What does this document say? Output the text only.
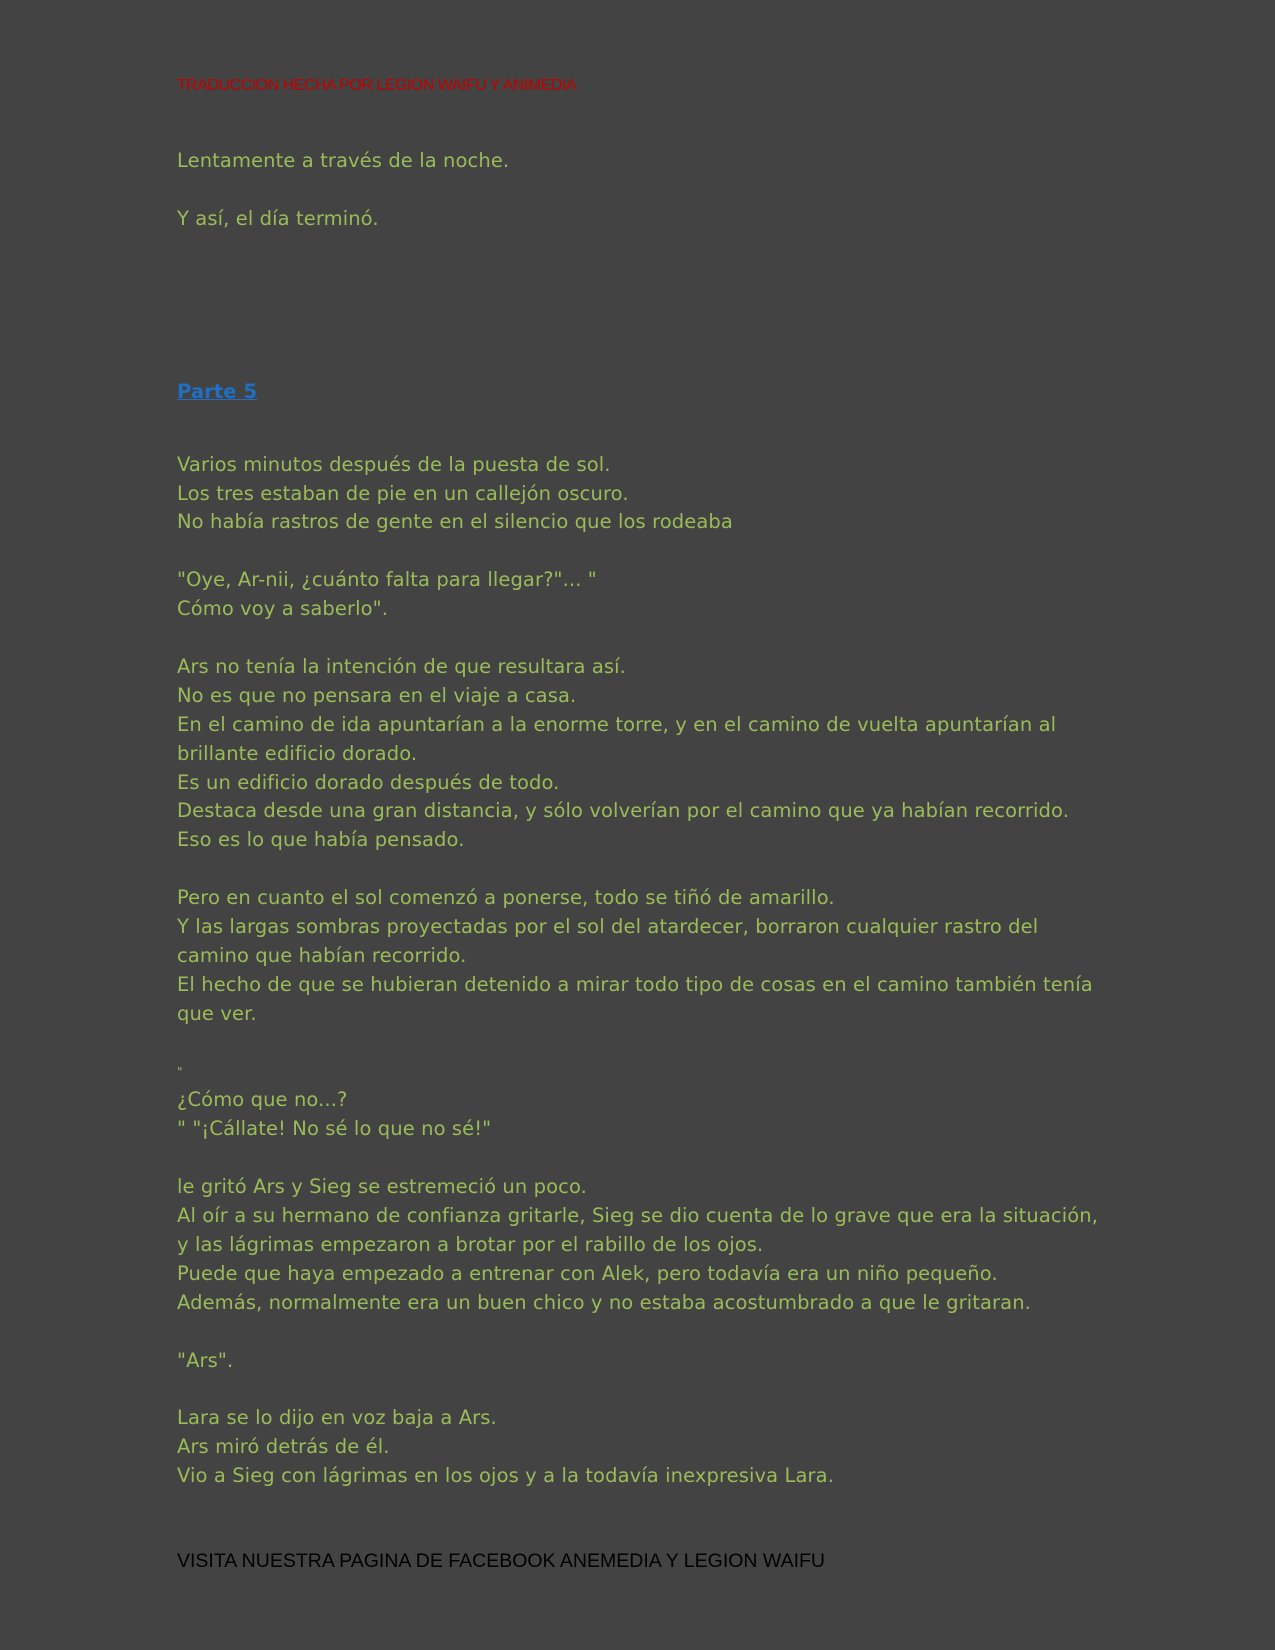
TRADUCCION HECHA POR LEGION WAIFU Y ANIMEDIA

Lentamente a través de la noche.

Y así, el día terminó.

Parte 5

Varios minutos después de la puesta de sol.

Los tres estaban de pie en un callejón oscuro.

No había rastros de gente en el silencio que los rodeaba

"Oye, Ar-nii, ¿cuánto falta para llegar?"... "

Cómo voy a saberlo".

Ars no tenía la intención de que resultara así.

No es que no pensara en el viaje a casa.

En el camino de ida apuntarían a la enorme torre, y en el camino de vuelta apuntarían al brillante edificio dorado.

Es un edificio dorado después de todo.

Destaca desde una gran distancia, y sólo volverían por el camino que ya habían recorrido.

Eso es lo que había pensado.

Pero en cuanto el sol comenzó a ponerse, todo se tiñó de amarillo.

Y las largas sombras proyectadas por el sol del atardecer, borraron cualquier rastro del camino que habían recorrido.

El hecho de que se hubieran detenido a mirar todo tipo de cosas en el camino también tenía que ver.

"

¿Cómo que no...?

" "¡Cállate! No sé lo que no sé!"

le gritó Ars y Sieg se estremeció un poco.

Al oír a su hermano de confianza gritarle, Sieg se dio cuenta de lo grave que era la situación, y las lágrimas empezaron a brotar por el rabillo de los ojos.

Puede que haya empezado a entrenar con Alek, pero todavía era un niño pequeño.

Además, normalmente era un buen chico y no estaba acostumbrado a que le gritaran.

"Ars".

Lara se lo dijo en voz baja a Ars.

Ars miró detrás de él.

Vio a Sieg con lágrimas en los ojos y a la todavía inexpresiva Lara.

VISITA NUESTRA PAGINA DE FACEBOOK ANEMEDIA Y LEGION WAIFU
